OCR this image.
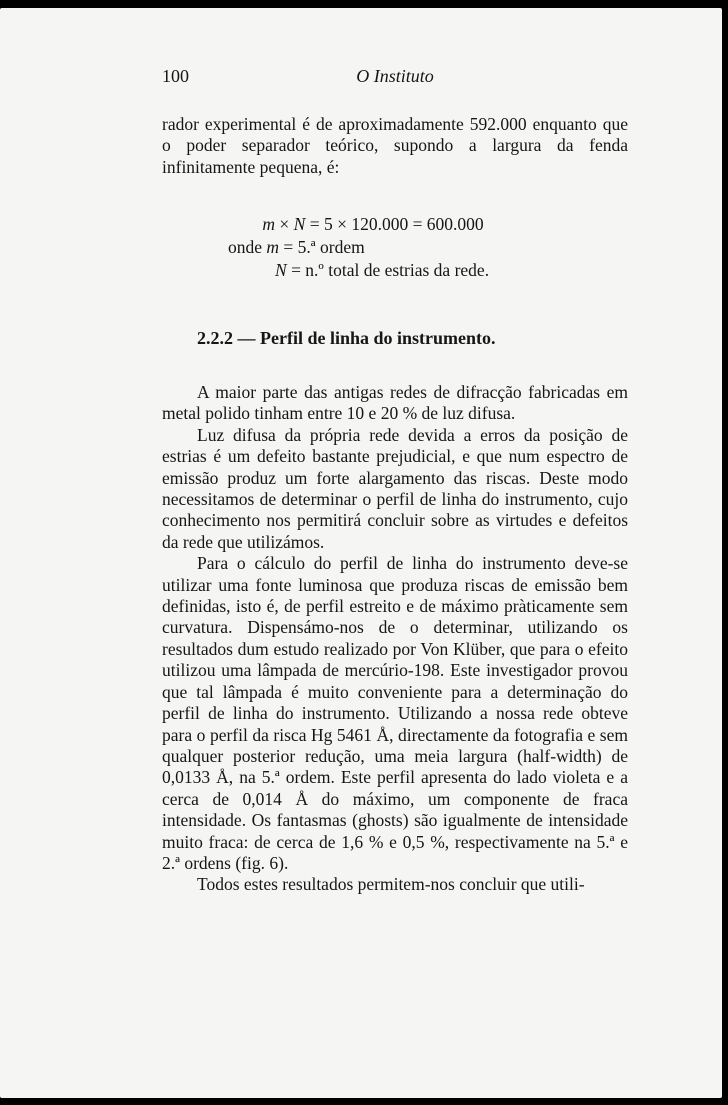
100	O Instituto

rador experimental é de aproximadamente 592.000 enquanto que o poder separador teórico, supondo a largura da fenda infinitamente pequena, é:

m × N = 5 × 120.000 = 600.000
onde m = 5.ª ordem
N = n.º total de estrias da rede.
2.2.2 — Perfil de linha do instrumento.

A maior parte das antigas redes de difracção fabricadas em metal polido tinham entre 10 e 20 % de luz difusa.

Luz difusa da própria rede devida a erros da posição de estrias é um defeito bastante prejudicial, e que num espectro de emissão produz um forte alargamento das riscas. Deste modo necessitamos de determinar o perfil de linha do instrumento, cujo conhecimento nos permitirá concluir sobre as virtudes e defeitos da rede que utilizámos.

Para o cálculo do perfil de linha do instrumento deve-se utilizar uma fonte luminosa que produza riscas de emissão bem definidas, isto é, de perfil estreito e de máximo pràticamente sem curvatura. Dispensámo-nos de o determinar, utilizando os resultados dum estudo realizado por Von Klüber, que para o efeito utilizou uma lâmpada de mercúrio-198. Este investigador provou que tal lâmpada é muito conveniente para a determinação do perfil de linha do instrumento. Utilizando a nossa rede obteve para o perfil da risca Hg 5461 Å, directamente da fotografia e sem qualquer posterior redução, uma meia largura (half-width) de 0,0133 Å, na 5.ª ordem. Este perfil apresenta do lado violeta e a cerca de 0,014 Å do máximo, um componente de fraca intensidade. Os fantasmas (ghosts) são igualmente de intensidade muito fraca: de cerca de 1,6 % e 0,5 %, respectivamente na 5.ª e 2.ª ordens (fig. 6).

Todos estes resultados permitem-nos concluir que utili-
